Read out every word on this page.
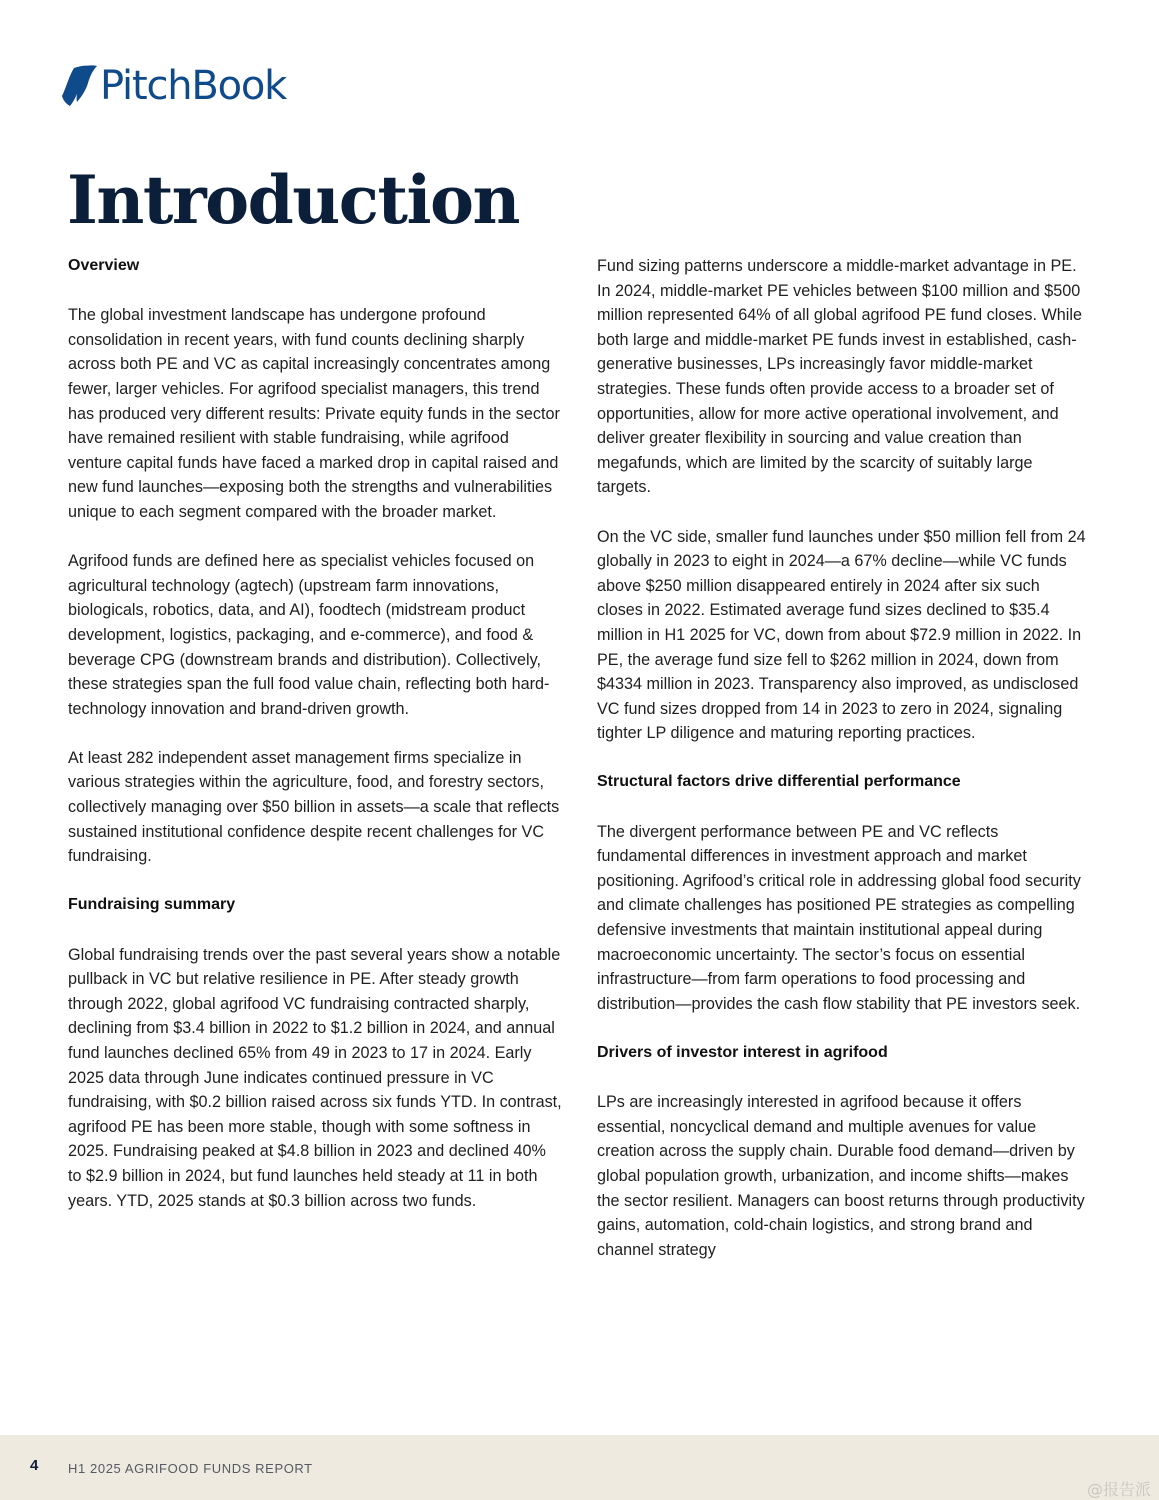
PitchBook
Introduction
Overview

The global investment landscape has undergone profound consolidation in recent years, with fund counts declining sharply across both PE and VC as capital increasingly concentrates among fewer, larger vehicles. For agrifood specialist managers, this trend has produced very different results: Private equity funds in the sector have remained resilient with stable fundraising, while agrifood venture capital funds have faced a marked drop in capital raised and new fund launches—exposing both the strengths and vulnerabilities unique to each segment compared with the broader market.

Agrifood funds are defined here as specialist vehicles focused on agricultural technology (agtech) (upstream farm innovations, biologicals, robotics, data, and AI), foodtech (midstream product development, logistics, packaging, and e-commerce), and food & beverage CPG (downstream brands and distribution). Collectively, these strategies span the full food value chain, reflecting both hard-technology innovation and brand-driven growth.

At least 282 independent asset management firms specialize in various strategies within the agriculture, food, and forestry sectors, collectively managing over $50 billion in assets—a scale that reflects sustained institutional confidence despite recent challenges for VC fundraising.

Fundraising summary

Global fundraising trends over the past several years show a notable pullback in VC but relative resilience in PE. After steady growth through 2022, global agrifood VC fundraising contracted sharply, declining from $3.4 billion in 2022 to $1.2 billion in 2024, and annual fund launches declined 65% from 49 in 2023 to 17 in 2024. Early 2025 data through June indicates continued pressure in VC fundraising, with $0.2 billion raised across six funds YTD. In contrast, agrifood PE has been more stable, though with some softness in 2025. Fundraising peaked at $4.8 billion in 2023 and declined 40% to $2.9 billion in 2024, but fund launches held steady at 11 in both years. YTD, 2025 stands at $0.3 billion across two funds.

Fund sizing patterns underscore a middle-market advantage in PE. In 2024, middle-market PE vehicles between $100 million and $500 million represented 64% of all global agrifood PE fund closes. While both large and middle-market PE funds invest in established, cash-generative businesses, LPs increasingly favor middle-market strategies. These funds often provide access to a broader set of opportunities, allow for more active operational involvement, and deliver greater flexibility in sourcing and value creation than megafunds, which are limited by the scarcity of suitably large targets.

On the VC side, smaller fund launches under $50 million fell from 24 globally in 2023 to eight in 2024—a 67% decline—while VC funds above $250 million disappeared entirely in 2024 after six such closes in 2022. Estimated average fund sizes declined to $35.4 million in H1 2025 for VC, down from about $72.9 million in 2022. In PE, the average fund size fell to $262 million in 2024, down from $4334 million in 2023. Transparency also improved, as undisclosed VC fund sizes dropped from 14 in 2023 to zero in 2024, signaling tighter LP diligence and maturing reporting practices.

Structural factors drive differential performance

The divergent performance between PE and VC reflects fundamental differences in investment approach and market positioning. Agrifood’s critical role in addressing global food security and climate challenges has positioned PE strategies as compelling defensive investments that maintain institutional appeal during macroeconomic uncertainty. The sector’s focus on essential infrastructure—from farm operations to food processing and distribution—provides the cash flow stability that PE investors seek.

Drivers of investor interest in agrifood

LPs are increasingly interested in agrifood because it offers essential, noncyclical demand and multiple avenues for value creation across the supply chain. Durable food demand—driven by global population growth, urbanization, and income shifts—makes the sector resilient. Managers can boost returns through productivity gains, automation, cold-chain logistics, and strong brand and channel strategy

4 H1 2025 AGRIFOOD FUNDS REPORT
@报告派
